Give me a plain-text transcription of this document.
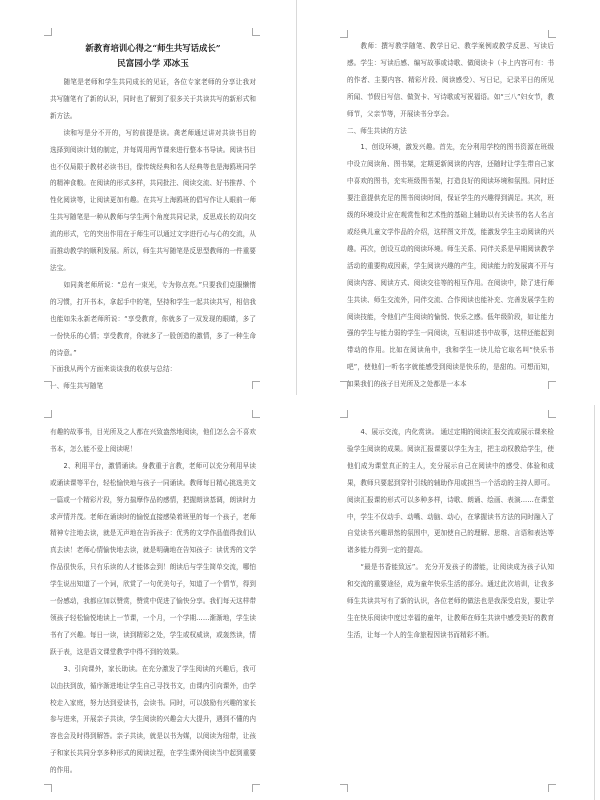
新教育培训心得之“师生共写话成长”

民富园小学 邓冰玉

随笔是老师和学生共同成长的见证，各位专家老师的分享让我对共写随笔有了新的认识，同时也了解到了很多关于共读共写的新形式和新方法。

读和写是分不开的，写的前提是读。龚老师通过讲对共读书目的选择到阅读计划的制定，并每周用两节课来进行整本书导读。阅读书目也不仅局限于教材必读书目，像传统经典和名人经典等也是海鸥班同学的精神食粮。在阅读的形式多样，共同批注、阅读交流、好书推荐、个性化阅读等，让阅读更加有趣。在共写上海鸥班的倡写作让人眼前一师生共写随笔是一种从教师与学生两个角度共同记录，反思成长的双向交流的形式，它的突出作用在于师生可以通过文字进行心与心的交流，从而推动教学的顺利发展。所以，师生共写随笔是反思型教师的一件重要法宝。

如同龚老师所说：“总有一束光，专为你点亮。”只要我们克服懒惰的习惯，打开书本，拿起手中的笔，坚持和学生一起共读共写，相信我也能如朱永新老师所说：“享受教育，你就多了一双发现的眼睛，多了一份快乐的心情；享受教育，你就多了一股创造的激情，多了一种生命的诗意。”

下面我从两个方面来谈谈我的收获与总结：

一、师生共写随笔

教师：撰写教学随笔、教学日记、教学案例或教学反思、写读后感。学生：写读后感、编写故事或诗歌、做阅读卡（卡上内容可有：书的作者、主要内容、精彩片段、阅读感受）、写日记，记录平日的所见所闻、节假日写信、做贺卡、写诗歌或写祝福语。如“三八”妇女节，教师节，父亲节等，开展读书分享会。

二、师生共读的方法

1、创设环境，激发兴趣。首先，充分利用学校的图书资源在班级中设立阅读角、图书架，定期更新阅读的内容，还随时让学生带自己家中喜欢的图书，充实班级图书架，打造良好的阅读环境和氛围。同时还要注意提供充足的图书阅读时间，保证学生的兴趣得到满足。其次，班级的环境设计应在观赏性和艺术性的基础上辅助以有关读书的名人名言或经典儿童文学作品的介绍，这样图文并茂，能激发学生主动阅读的兴趣。再次，创设互动的阅读环境。师生关系、同伴关系是早期阅读教学活动的重要构成因素，学生阅读兴趣的产生，阅读能力的发展离不开与阅读内容、阅读方式、阅读交往等的相互作用。在阅读中，除了进行师生共读、师生交流外，同伴交流、合作阅读也能补充、完善发展学生的阅读技能，令他们产生阅读的愉悦、快乐之感。低年级阶段，如让能力强的学生与能力弱的学生一同阅读，互相讲述书中故事，这样还能起到带动的作用。比如在阅读角中，我和学生一块儿给它取名叫“快乐书吧”，使他们一听名字就能感受到阅读是快乐的，是甜的。可想而知，如果我们的孩子目光所及之处都是一本本

有趣的故事书，目光所及之人都在兴致盎然地阅读，他们怎么会不喜欢书本，怎么能不爱上阅读呢！

2、利用平台，激情诵读。身教重于言教，老师可以充分利用早读或诵读课等平台，轻松愉快地与孩子一同诵读。教师每日精心挑选美文一篇或一个精彩片段，努力揣摩作品的感情，把握朗读基调，朗读时力求声情并茂。老师在诵读时的愉悦直接感染着班里的每一个孩子，老师精神专注地去读，就是无声地在告诉孩子：优秀的文学作品值得我们认真去读！老师心情愉快地去读，就是明确地在告知孩子：读优秀的文学作品很快乐，只有乐读的人才能体会到！朗读后与学生简单交流，哪怕学生说出知道了一个词，欣赏了一句优美句子，知道了一个情节，得到一份感动，我都应加以赞赏，赞赏中促进了愉快分享。我们每天这样带领孩子轻松愉悦地读上一节课，一个月，一个学期……渐渐地，学生读书有了兴趣。每日一读，读到精彩之处，学生或权威读，或轰然读，情跃于表，这是语文课堂教学中得不到的效果。

3、引向课外，家长助读。在充分激发了学生阅读的兴趣后，我可以由扶到放，循序渐进地让学生自己寻找书文，由课内引向课外，由学校走入家庭，努力达到爱读书，会读书。同时，可以鼓励有兴趣的家长参与进来，开展亲子共读，学生阅读的兴趣会大大提升，遇到不懂的内容也会及时得到解答。亲子共读，就是以书为媒，以阅读为纽带，让孩子和家长共同分享多种形式的阅读过程，在学生课外阅读当中起到重要的作用。

4、展示交流，内化赏读。 通过定期的阅读汇报交流或展示课来检验学生阅读的成果。阅读汇报课要以学生为主，把主动权教给学生，使他们成为课堂真正的主人，充分展示自己在阅读中的感受、体验和成果，教师只要起到穿针引线的辅助作用或担当一个活动的主持人即可。阅读汇报课的形式可以多种多样，诗歌、朗诵、绘画、表演……在课堂中，学生不仅动手、动嘴、动脑、动心，在掌握读书方法的同时融入了自觉读书兴趣昂然的氛围中，更加使自己的理解、思维、言语和表达等诸多能力得到一定的提高。

“最是书香能致远”。 充分开发孩子的潜能，让阅读成为孩子认知和交流的重要途径，成为童年快乐生活的部分。通过此次培训，让我多师生共读共写有了新的认识，各位老师的做法也是我深受启发，要让学生在快乐阅读中度过幸福的童年，让教师在师生共读中感受美好的教育生活，让每一个人的生命旅程因读书而精彩不断。
